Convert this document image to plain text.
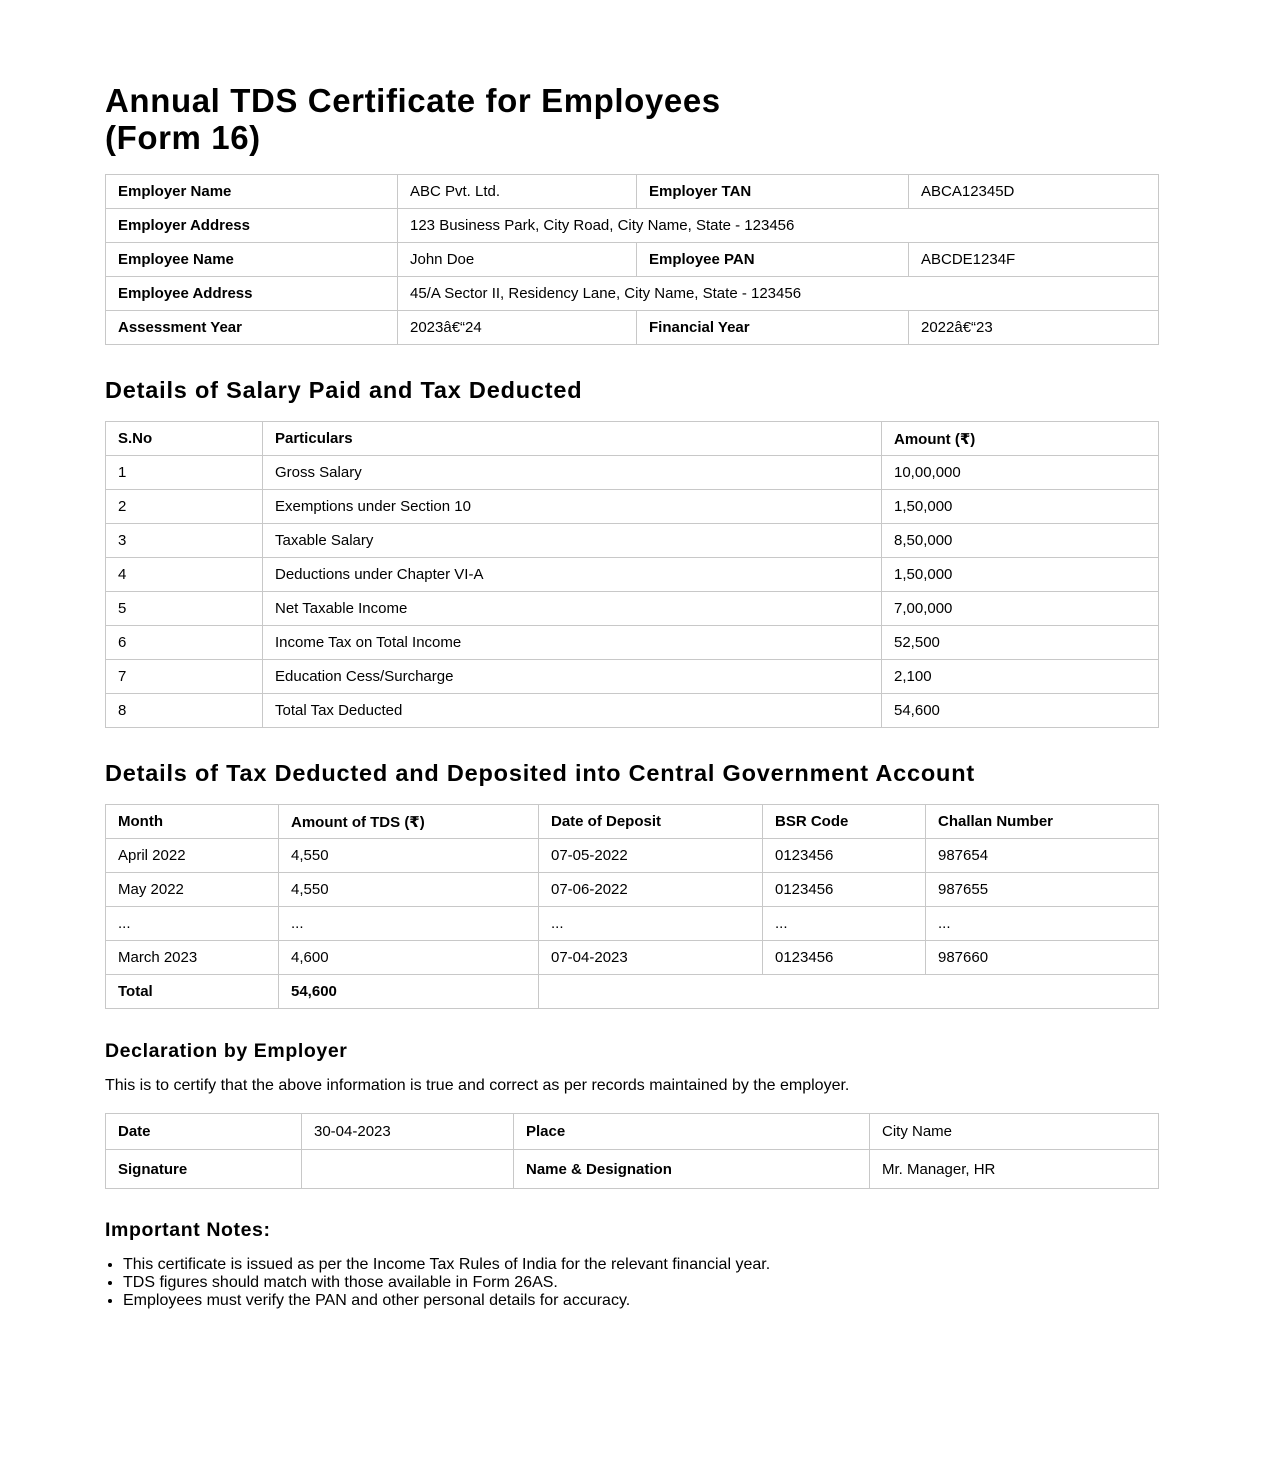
Annual TDS Certificate for Employees
(Form 16)
Employer Name	ABC Pvt. Ltd.	Employer TAN	ABCA12345D
Employer Address	123 Business Park, City Road, City Name, State - 123456		
Employee Name	John Doe	Employee PAN	ABCDE1234F
Employee Address	45/A Sector II, Residency Lane, City Name, State - 123456		
Assessment Year	2023â€“24	Financial Year	2022â€“23
Details of Salary Paid and Tax Deducted
S.No	Particulars	Amount (₹)
1	Gross Salary	10,00,000
2	Exemptions under Section 10	1,50,000
3	Taxable Salary	8,50,000
4	Deductions under Chapter VI-A	1,50,000
5	Net Taxable Income	7,00,000
6	Income Tax on Total Income	52,500
7	Education Cess/Surcharge	2,100
8	Total Tax Deducted	54,600
Details of Tax Deducted and Deposited into Central Government Account
Month	Amount of TDS (₹)	Date of Deposit	BSR Code	Challan Number
April 2022	4,550	07-05-2022	0123456	987654
May 2022	4,550	07-06-2022	0123456	987655
...	...	...	...	...
March 2023	4,600	07-04-2023	0123456	987660
Total	54,600			
Declaration by Employer

This is to certify that the above information is true and correct as per records maintained by the employer.

Date	30-04-2023	Place	City Name
Signature		Name & Designation	Mr. Manager, HR
Important Notes:
• This certificate is issued as per the Income Tax Rules of India for the relevant financial year.
• TDS figures should match with those available in Form 26AS.
• Employees must verify the PAN and other personal details for accuracy.
